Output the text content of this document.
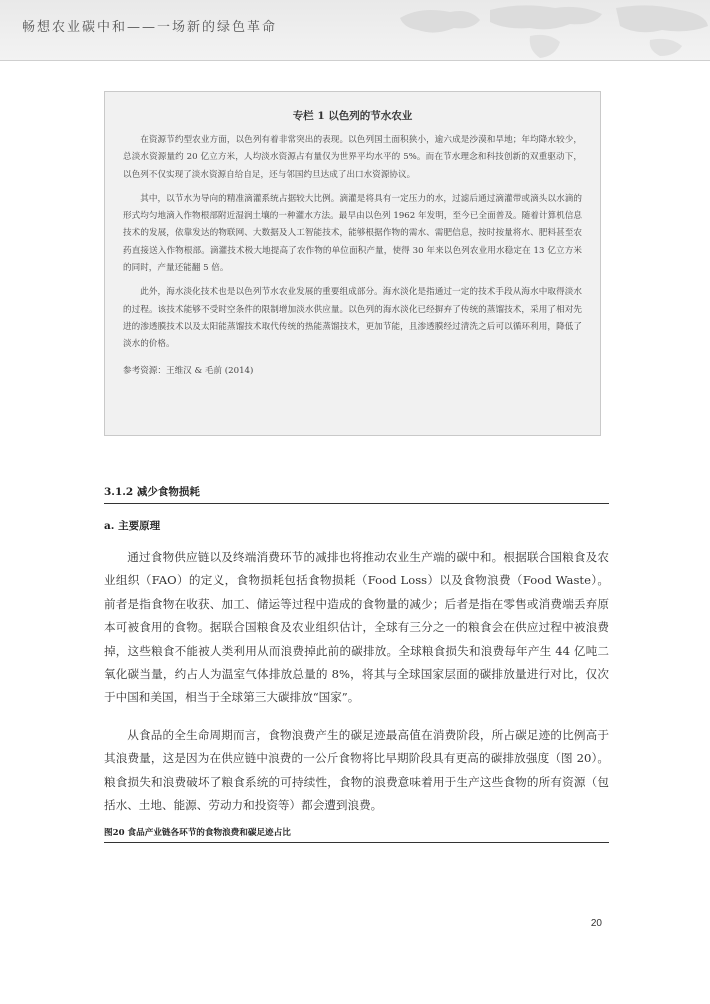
畅想农业碳中和——一场新的绿色革命
专栏 1 以色列的节水农业

在资源节约型农业方面，以色列有着非常突出的表现。以色列国土面积狭小，逾六成是沙漠和旱地；年均降水较少，总淡水资源量约 20 亿立方米，人均淡水资源占有量仅为世界平均水平的 5%。而在节水理念和科技创新的双重驱动下，以色列不仅实现了淡水资源自给自足，还与邻国约旦达成了出口水资源协议。

其中，以节水为导向的精准滴灌系统占据较大比例。滴灌是将具有一定压力的水，过滤后通过滴灌带或滴头以水滴的形式均匀地滴入作物根部附近湿润土壤的一种灌水方法。最早由以色列 1962 年发明，至今已全面普及。随着计算机信息技术的发展，依靠发达的物联网、大数据及人工智能技术，能够根据作物的需水、需肥信息，按时按量将水、肥料甚至农药直接送入作物根部。滴灌技术极大地提高了农作物的单位面积产量，使得 30 年来以色列农业用水稳定在 13 亿立方米的同时，产量还能翻 5 倍。

此外，海水淡化技术也是以色列节水农业发展的重要组成部分。海水淡化是指通过一定的技术手段从海水中取得淡水的过程。该技术能够不受时空条件的限制增加淡水供应量。以色列的海水淡化已经摒弃了传统的蒸馏技术，采用了相对先进的渗透膜技术以及太阳能蒸馏技术取代传统的热能蒸馏技术，更加节能，且渗透膜经过清洗之后可以循环利用，降低了淡水的价格。

参考资源：王维汉 & 毛前 (2014)
3.1.2 减少食物损耗
a. 主要原理

通过食物供应链以及终端消费环节的减排也将推动农业生产端的碳中和。根据联合国粮食及农业组织（FAO）的定义，食物损耗包括食物损耗（Food Loss）以及食物浪费（Food Waste）。前者是指食物在收获、加工、储运等过程中造成的食物量的减少；后者是指在零售或消费端丢弃原本可被食用的食物。据联合国粮食及农业组织估计，全球有三分之一的粮食会在供应过程中被浪费掉，这些粮食不能被人类利用从而浪费掉此前的碳排放。全球粮食损失和浪费每年产生 44 亿吨二氧化碳当量，约占人为温室气体排放总量的 8%，将其与全球国家层面的碳排放量进行对比，仅次于中国和美国，相当于全球第三大碳排放“国家”。

从食品的全生命周期而言，食物浪费产生的碳足迹最高值在消费阶段，所占碳足迹的比例高于其浪费量，这是因为在供应链中浪费的一公斤食物将比早期阶段具有更高的碳排放强度（图 20）。粮食损失和浪费破坏了粮食系统的可持续性，食物的浪费意味着用于生产这些食物的所有资源（包括水、土地、能源、劳动力和投资等）都会遭到浪费。

图20 食品产业链各环节的食物浪费和碳足迹占比
20
